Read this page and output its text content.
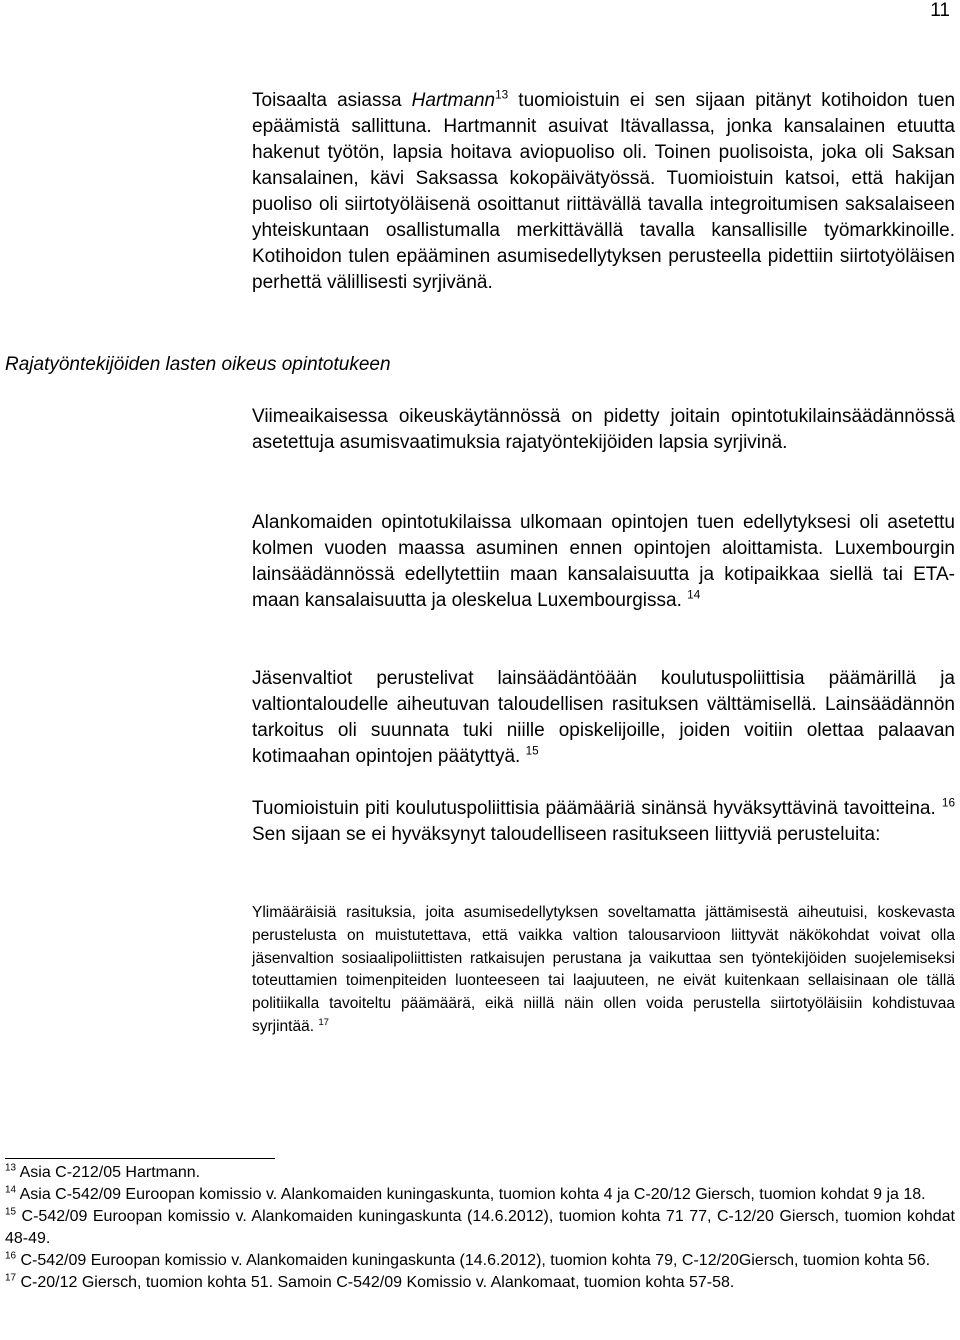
11
Rajatyöntekijöiden lasten oikeus opintotukeen

Toisaalta asiassa Hartmann$^{13}$ tuomioistuin ei sen sijaan pitänyt kotihoidon tuen epäämistä sallittuna. Hartmannit asuivat Itävallassa, jonka kansalainen etuutta hakenut työtön, lapsia hoitava aviopuoliso oli. Toinen puolisoista, joka oli Saksan kansalainen, kävi Saksassa kokopäivätyössä. Tuomioistuin katsoi, että hakijan puoliso oli siirtotyöläisenä osoittanut riittävällä tavalla integroitumisen saksalaiseen yhteiskuntaan osallistumalla merkittävällä tavalla kansallisille työmarkkinoille. Kotihoidon tulen epääminen asumisedellytyksen perusteella pidettiin siirtotyöläisen perhettä välillisesti syrjivänä.

Viimeaikaisessa oikeuskäytännössä on pidetty joitain opintotukilainsäädännössä asetettuja asumisvaatimuksia rajatyöntekijöiden lapsia syrjivinä.

Alankomaiden opintotukilaissa ulkomaan opintojen tuen edellytyksesi oli asetettu kolmen vuoden maassa asuminen ennen opintojen aloittamista. Luxembourgin lainsäädännössä edellytettiin maan kansalaisuutta ja kotipaikkaa siellä tai ETA-maan kansalaisuutta ja oleskelua Luxembourgissa. $^{14}$

Jäsenvaltiot perustelivat lainsäädäntöään koulutuspoliittisia päämärillä ja valtiontaloudelle aiheutuvan taloudellisen rasituksen välttämisellä. Lainsäädännön tarkoitus oli suunnata tuki niille opiskelijoille, joiden voitiin olettaa palaavan kotimaahan opintojen päätyttyä. $^{15}$

Tuomioistuin piti koulutuspoliittisia päämääriä sinänsä hyväksyttävinä tavoitteina. $^{16}$ Sen sijaan se ei hyväksynyt taloudelliseen rasitukseen liittyviä perusteluita:

Ylimääräisiä rasituksia, joita asumisedellytyksen soveltamatta jättämisestä aiheutuisi, koskevasta perustelusta on muistutettava, että vaikka valtion talousarvioon liittyvät näkökohdat voivat olla jäsenvaltion sosiaalipoliittisten ratkaisujen perustana ja vaikuttaa sen työntekijöiden suojelemiseksi toteuttamien toimenpiteiden luonteeseen tai laajuuteen, ne eivät kuitenkaan sellaisinaan ole tällä politiikalla tavoiteltu päämäärä, eikä niillä näin ollen voida perustella siirtotyöläisiin kohdistuvaa syrjintää. $^{17}$

$^{13}$ Asia C-212/05 Hartmann.

$^{14}$ Asia C-542/09 Euroopan komissio v. Alankomaiden kuningaskunta, tuomion kohta 4 ja C-20/12 Giersch, tuomion kohdat 9 ja 18.

$^{15}$ C-542/09 Euroopan komissio v. Alankomaiden kuningaskunta (14.6.2012), tuomion kohta 71 77, C-12/20 Giersch, tuomion kohdat 48-49.

$^{16}$ C-542/09 Euroopan komissio v. Alankomaiden kuningaskunta (14.6.2012), tuomion kohta 79, C-12/20Giersch, tuomion kohta 56.

$^{17}$ C-20/12 Giersch, tuomion kohta 51. Samoin C-542/09 Komissio v. Alankomaat, tuomion kohta 57-58.
